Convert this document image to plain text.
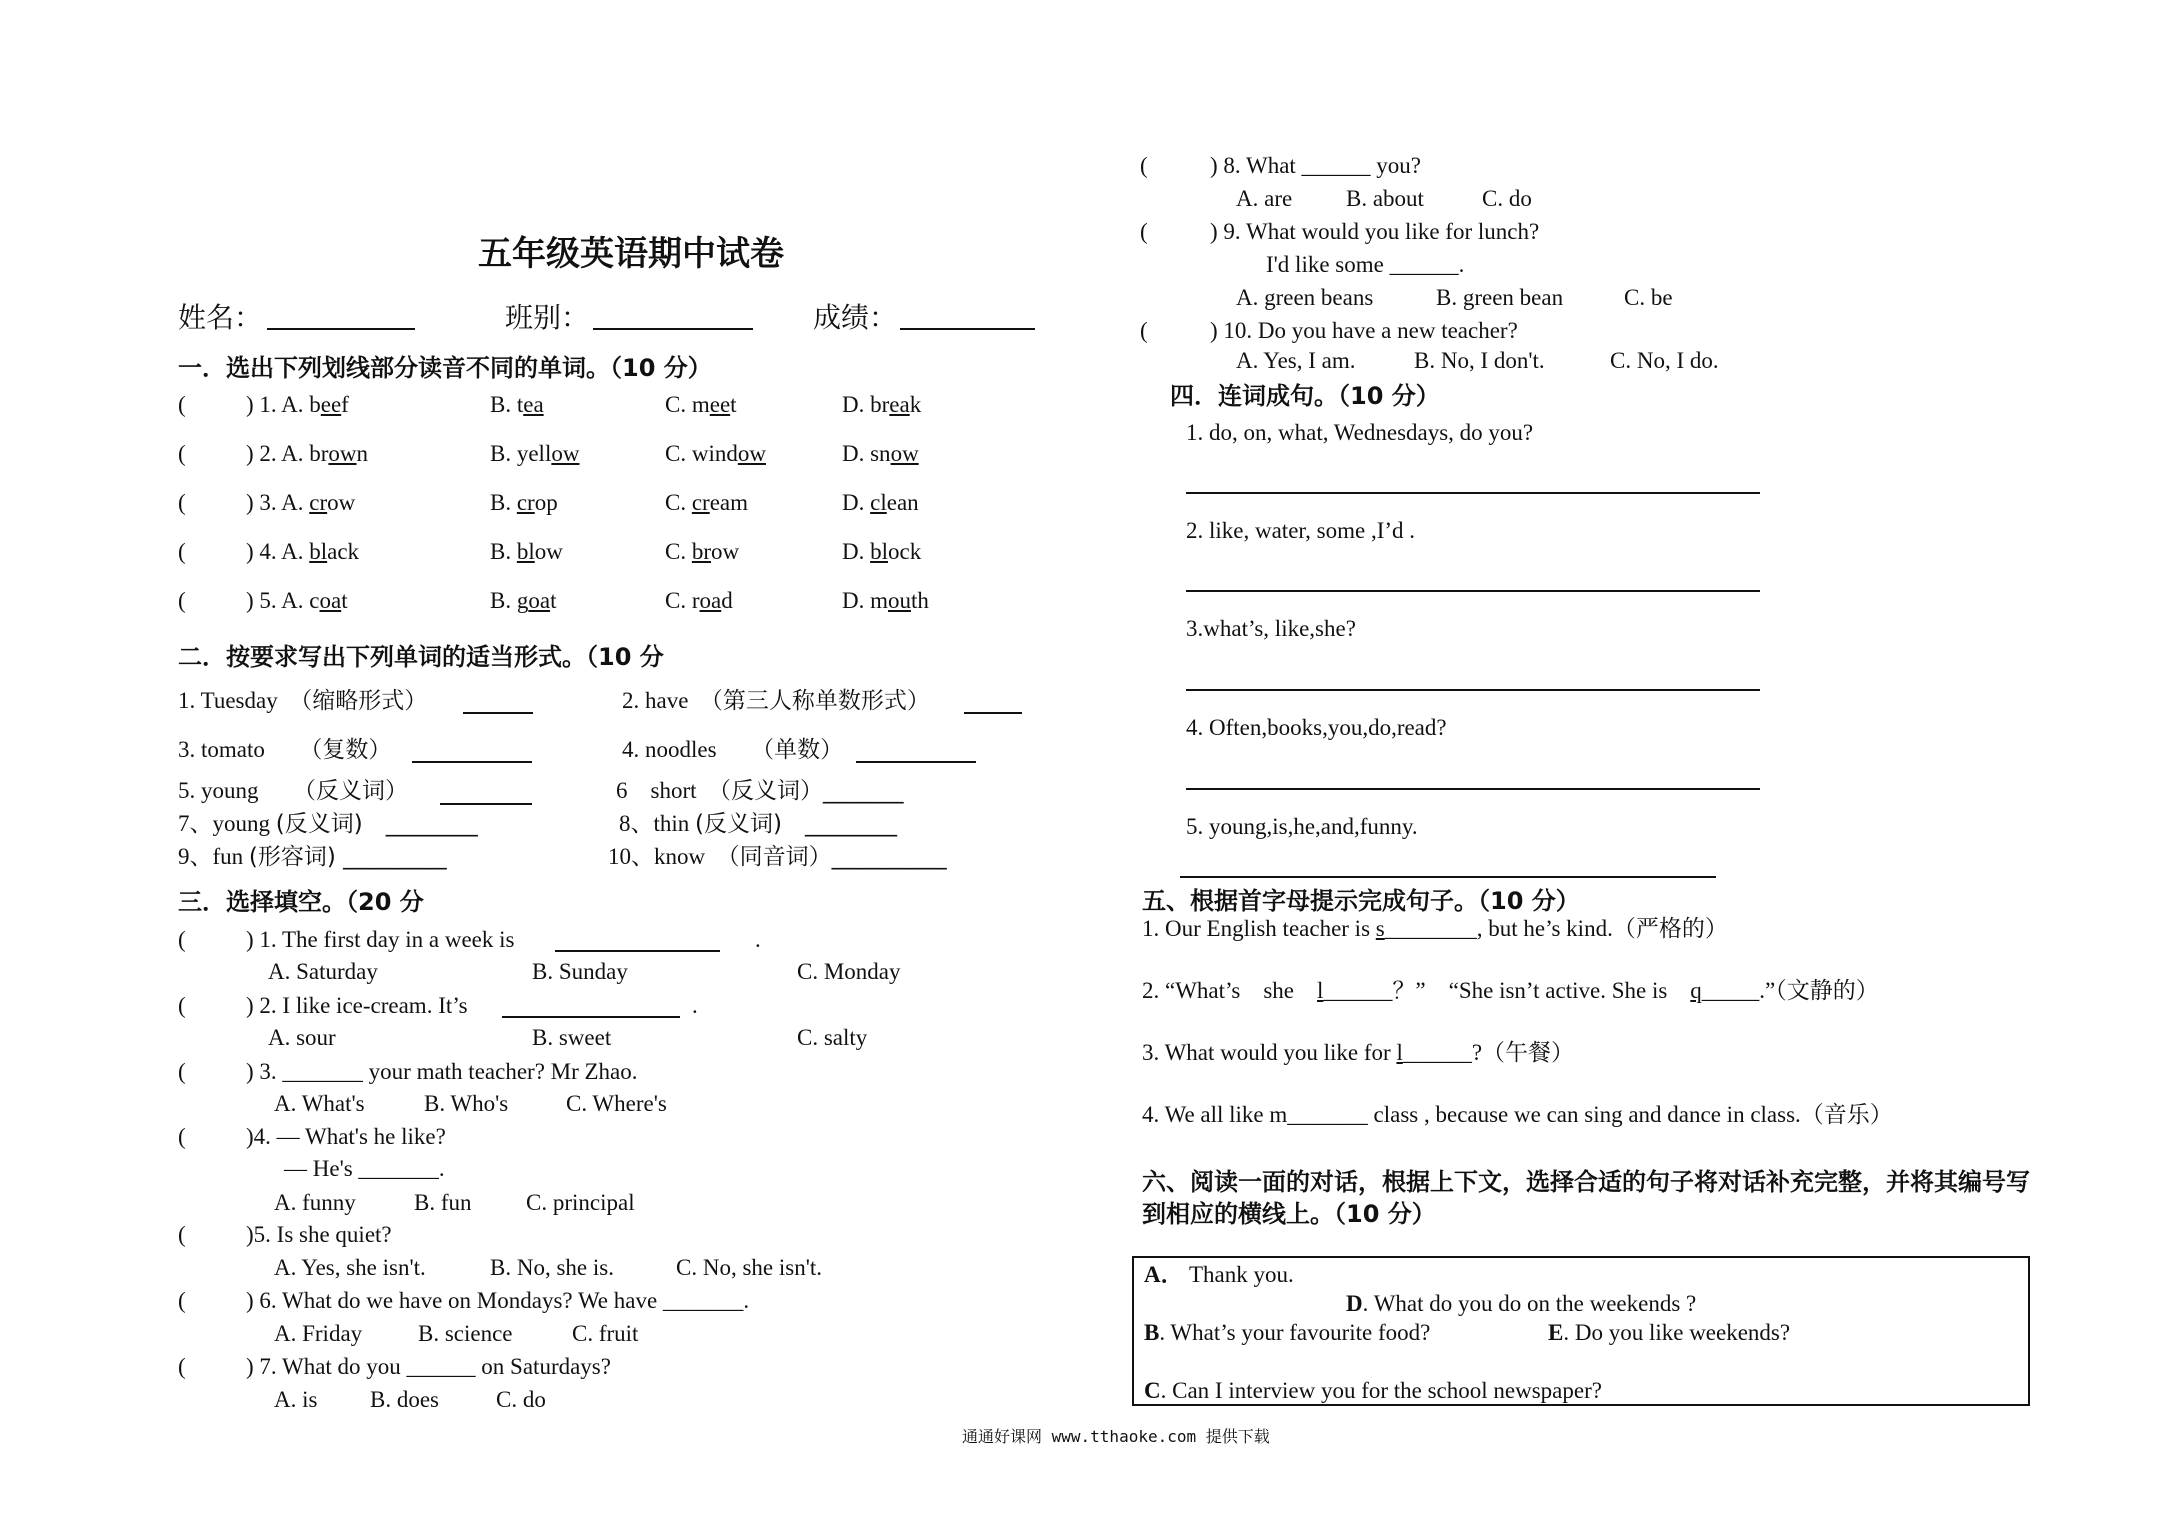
五年级英语期中试卷
姓名：	班别：	成绩：
一．选出下列划线部分读音不同的单词。（10 分）
(	) 1. A. beef	B. tea	C. meet	D. break
(	) 2. A. brown	B. yellow	C. window	D. snow
(	) 3. A. crow	B. crop	C. cream	D. clean
(	) 4. A. black	B. blow	C. brow	D. block
(	) 5. A. coat	B. goat	C. road	D. mouth
二．按要求写出下列单词的适当形式。（10 分
1. Tuesday　 （缩略形式）	2. have　 （第三人称单数形式）
3. tomato　　 （复数）	4. noodles　　 （单数）
5. young　　 （反义词）	6　short　 （反义词）_______
7、young (反义词)　________	8、thin (反义词)　________
9、fun (形容词) _________	10、know　 （同音词）__________
三．选择填空。（20 分
(	) 1. The first day in a week is	.
A. Saturday	B. Sunday	C. Monday
(	) 2. I like ice-cream. It’s	.
A. sour	B. sweet	C. salty
(	) 3. _______ your math teacher? Mr Zhao.
A. What's	B. Who's	C. Where's
(	)4. — What's he like?
— He's _______.
A. funny	B. fun C. principal
(	)5. Is she quiet?
A. Yes, she isn't.	B. No, she is.	C. No, she isn't.
(	) 6. What do we have on Mondays? We have _______.
A. Friday B. science	C. fruit
(	) 7. What do you ______ on Saturdays?
A. is B. does C. do
(	) 8. What ______ you?
A. are B. about	C. do
(	) 9. What would you like for lunch?
I'd like some ______.
A. green beans	B. green bean	C. be
(	) 10. Do you have a new teacher?
A. Yes, I am.	B. No, I don't.	C. No, I do.
四．连词成句。（10 分）
1. do, on, what, Wednesdays, do you?
2. like, water, some ,I’d .
3.what’s, like,she?
4. Often,books,you,do,read?
5. young,is,he,and,funny.
五、根据首字母提示完成句子。（10 分）
1. Our English teacher is s________, but he’s kind.（严格的）
2. “What’s　she　l______？”　“She isn’t active. She is　q_____.”（文静的）
3. What would you like for l______?（午餐）
4. We all like m_______ class , because we can sing and dance in class.（音乐）
六、阅读一面的对话，根据上下文，选择合适的句子将对话补充完整，并将其编号写
到相应的横线上。（10 分）
A． Thank you.
D. What do you do on the weekends ?
B. What’s your favourite food?	E. Do you like weekends?
C. Can I interview you for the school newspaper?
通通好课网 www.tthaoke.com 提供下载
